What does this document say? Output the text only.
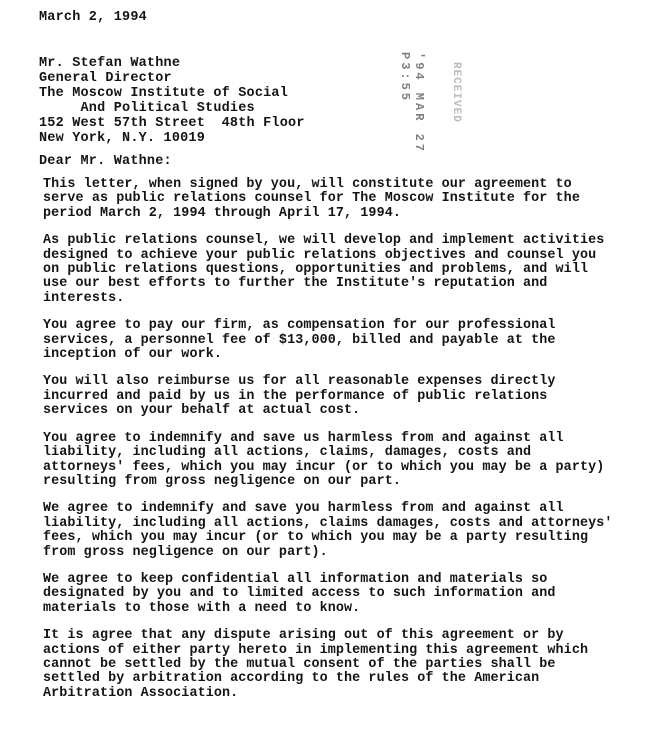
March 2, 1994
Mr. Stefan Wathne
General Director
The Moscow Institute of Social
And Political Studies
152 West 57th Street  48th Floor
New York, N.Y. 10019	'94 MAR 27 P3:55	RECEIVED
Dear Mr. Wathne:

This letter, when signed by you, will constitute our agreement to serve as public relations counsel for The Moscow Institute for the period March 2, 1994 through April 17, 1994.

As public relations counsel, we will develop and implement activities designed to achieve your public relations objectives and counsel you on public relations questions, opportunities and problems, and will use our best efforts to further the Institute's reputation and interests.

You agree to pay our firm, as compensation for our professional services, a personnel fee of $13,000, billed and payable at the inception of our work.

You will also reimburse us for all reasonable expenses directly incurred and paid by us in the performance of public relations services on your behalf at actual cost.

You agree to indemnify and save us harmless from and against all liability, including all actions, claims, damages, costs and attorneys' fees, which you may incur (or to which you may be a party) resulting from gross negligence on our part.

We agree to indemnify and save you harmless from and against all liability, including all actions, claims damages, costs and attorneys' fees, which you may incur (or to which you may be a party resulting from gross negligence on our part).

We agree to keep confidential all information and materials so designated by you and to limited access to such information and materials to those with a need to know.

It is agree that any dispute arising out of this agreement or by actions of either party hereto in implementing this agreement which cannot be settled by the mutual consent of the parties shall be settled by arbitration according to the rules of the American Arbitration Association.
